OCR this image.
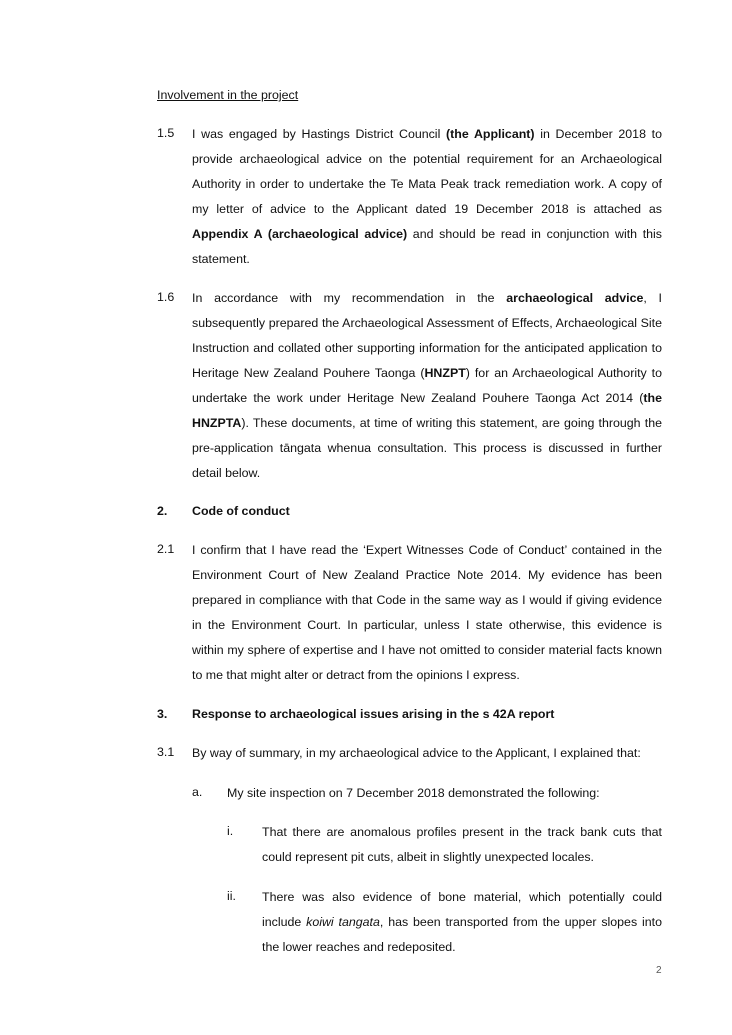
Involvement in the project
1.5	I was engaged by Hastings District Council (the Applicant) in December 2018 to provide archaeological advice on the potential requirement for an Archaeological Authority in order to undertake the Te Mata Peak track remediation work. A copy of my letter of advice to the Applicant dated 19 December 2018 is attached as Appendix A (archaeological advice) and should be read in conjunction with this statement.
1.6	In accordance with my recommendation in the archaeological advice, I subsequently prepared the Archaeological Assessment of Effects, Archaeological Site Instruction and collated other supporting information for the anticipated application to Heritage New Zealand Pouhere Taonga (HNZPT) for an Archaeological Authority to undertake the work under Heritage New Zealand Pouhere Taonga Act 2014 (the HNZPTA). These documents, at time of writing this statement, are going through the pre-application tāngata whenua consultation. This process is discussed in further detail below.
2.	Code of conduct
2.1	I confirm that I have read the ‘Expert Witnesses Code of Conduct’ contained in the Environment Court of New Zealand Practice Note 2014. My evidence has been prepared in compliance with that Code in the same way as I would if giving evidence in the Environment Court. In particular, unless I state otherwise, this evidence is within my sphere of expertise and I have not omitted to consider material facts known to me that might alter or detract from the opinions I express.
3.	Response to archaeological issues arising in the s 42A report
3.1	By way of summary, in my archaeological advice to the Applicant, I explained that:
a.	My site inspection on 7 December 2018 demonstrated the following:
i.	That there are anomalous profiles present in the track bank cuts that could represent pit cuts, albeit in slightly unexpected locales.
ii.	There was also evidence of bone material, which potentially could include koiwi tangata, has been transported from the upper slopes into the lower reaches and redeposited.
2
